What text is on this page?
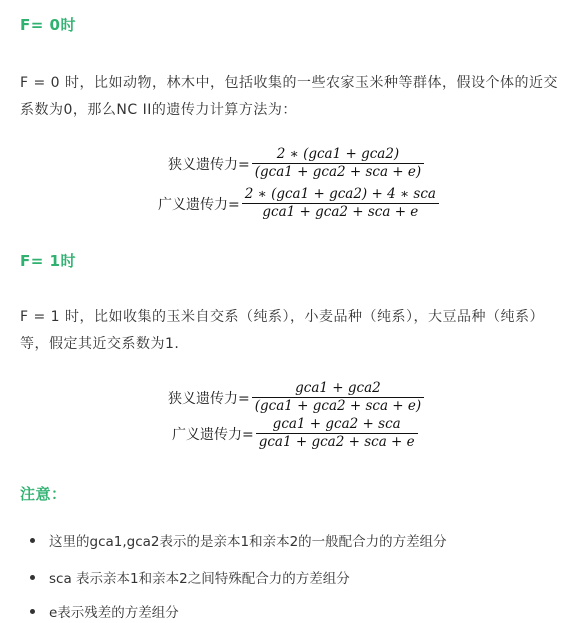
F= 0时
F = 0 时，比如动物，林木中，包括收集的一些农家玉米种等群体，假设个体的近交系数为0，那么NC II的遗传力计算方法为：
狭义遗传力= $\frac{\text{2 ∗ (gca1 + gca2)}}{\text{(gca1 + gca2 + sca + e)}}$
广义遗传力= $\frac{\text{2 ∗ (gca1 + gca2) + 4 ∗ sca}}{\text{gca1 + gca2 + sca + e}}$
F= 1时
F = 1 时，比如收集的玉米自交系（纯系），小麦品种（纯系），大豆品种（纯系）等，假定其近交系数为1.
狭义遗传力= $\frac{\text{gca1 + gca2}}{\text{(gca1 + gca2 + sca + e)}}$
广义遗传力= $\frac{\text{gca1 + gca2 + sca}}{\text{gca1 + gca2 + sca + e}}$
注意：
这里的gca1,gca2表示的是亲本1和亲本2的一般配合力的方差组分
sca 表示亲本1和亲本2之间特殊配合力的方差组分
e表示残差的方差组分
